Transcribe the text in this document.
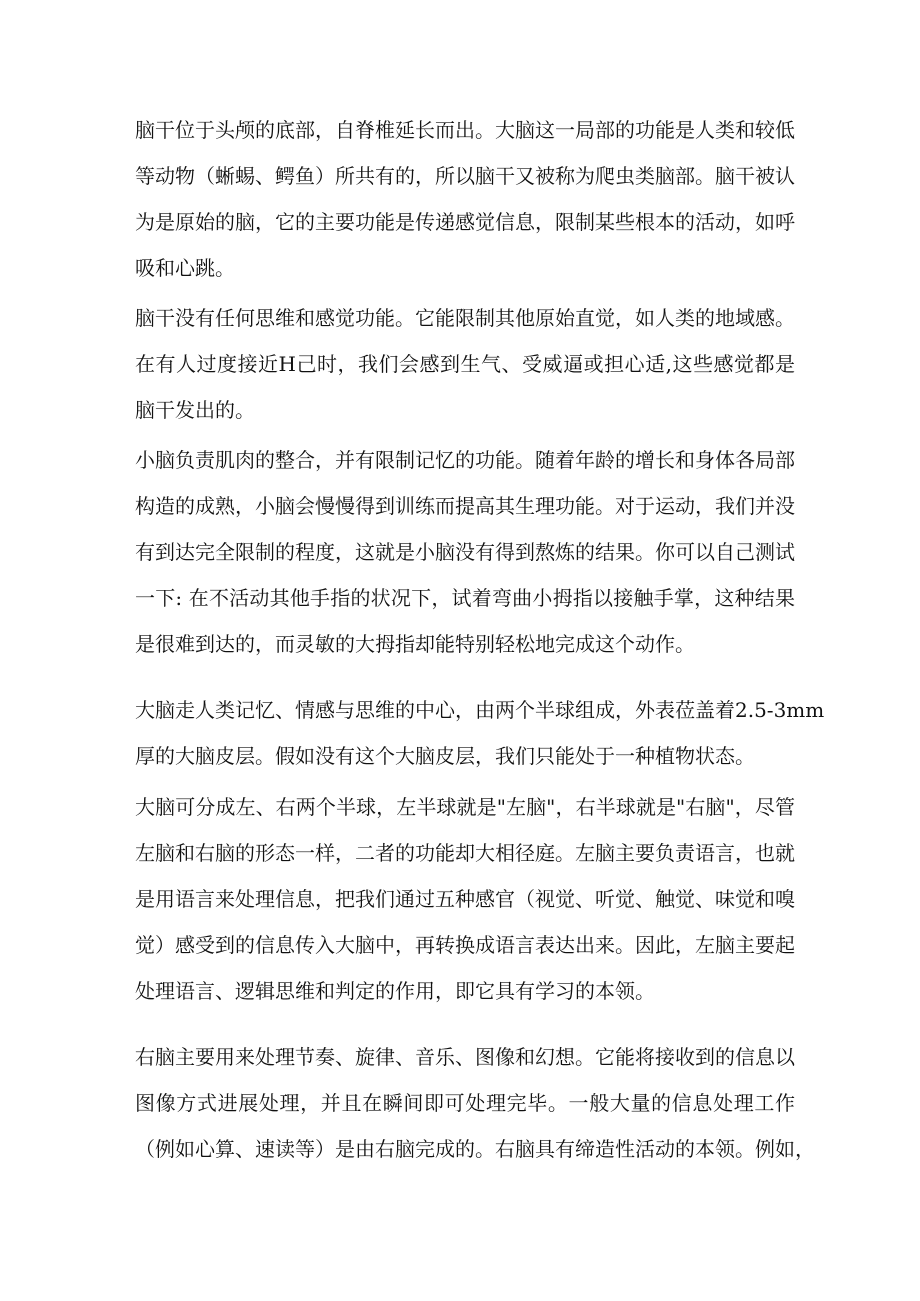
脑干位于头颅的底部，自脊椎延长而出。大脑这一局部的功能是人类和较低
等动物（蜥蜴、鳄鱼）所共有的，所以脑干又被称为爬虫类脑部。脑干被认
为是原始的脑，它的主要功能是传递感觉信息，限制某些根本的活动，如呼
吸和心跳。
脑干没有任何思维和感觉功能。它能限制其他原始直觉，如人类的地域感。
在有人过度接近H己时，我们会感到生气、受威逼或担心适,这些感觉都是
脑干发出的。
小脑负责肌肉的整合，并有限制记忆的功能。随着年龄的增长和身体各局部
构造的成熟，小脑会慢慢得到训练而提高其生理功能。对于运动，我们并没
有到达完全限制的程度，这就是小脑没有得到熬炼的结果。你可以自己测试
一下: 在不活动其他手指的状况下，试着弯曲小拇指以接触手掌，这种结果
是很难到达的，而灵敏的大拇指却能特别轻松地完成这个动作。
大脑走人类记忆、情感与思维的中心，由两个半球组成，外表莅盖着2.5-3mm
厚的大脑皮层。假如没有这个大脑皮层，我们只能处于一种植物状态。
大脑可分成左、右两个半球，左半球就是"左脑"，右半球就是"右脑"，尽管
左脑和右脑的形态一样，二者的功能却大相径庭。左脑主要负责语言，也就
是用语言来处理信息，把我们通过五种感官（视觉、听觉、触觉、味觉和嗅
觉）感受到的信息传入大脑中，再转换成语言表达出来。因此，左脑主要起
处理语言、逻辑思维和判定的作用，即它具有学习的本领。
右脑主要用来处理节奏、旋律、音乐、图像和幻想。它能将接收到的信息以
图像方式进展处理，并且在瞬间即可处理完毕。一般大量的信息处理工作
（例如心算、速读等）是由右脑完成的。右脑具有缔造性活动的本领。例如，
